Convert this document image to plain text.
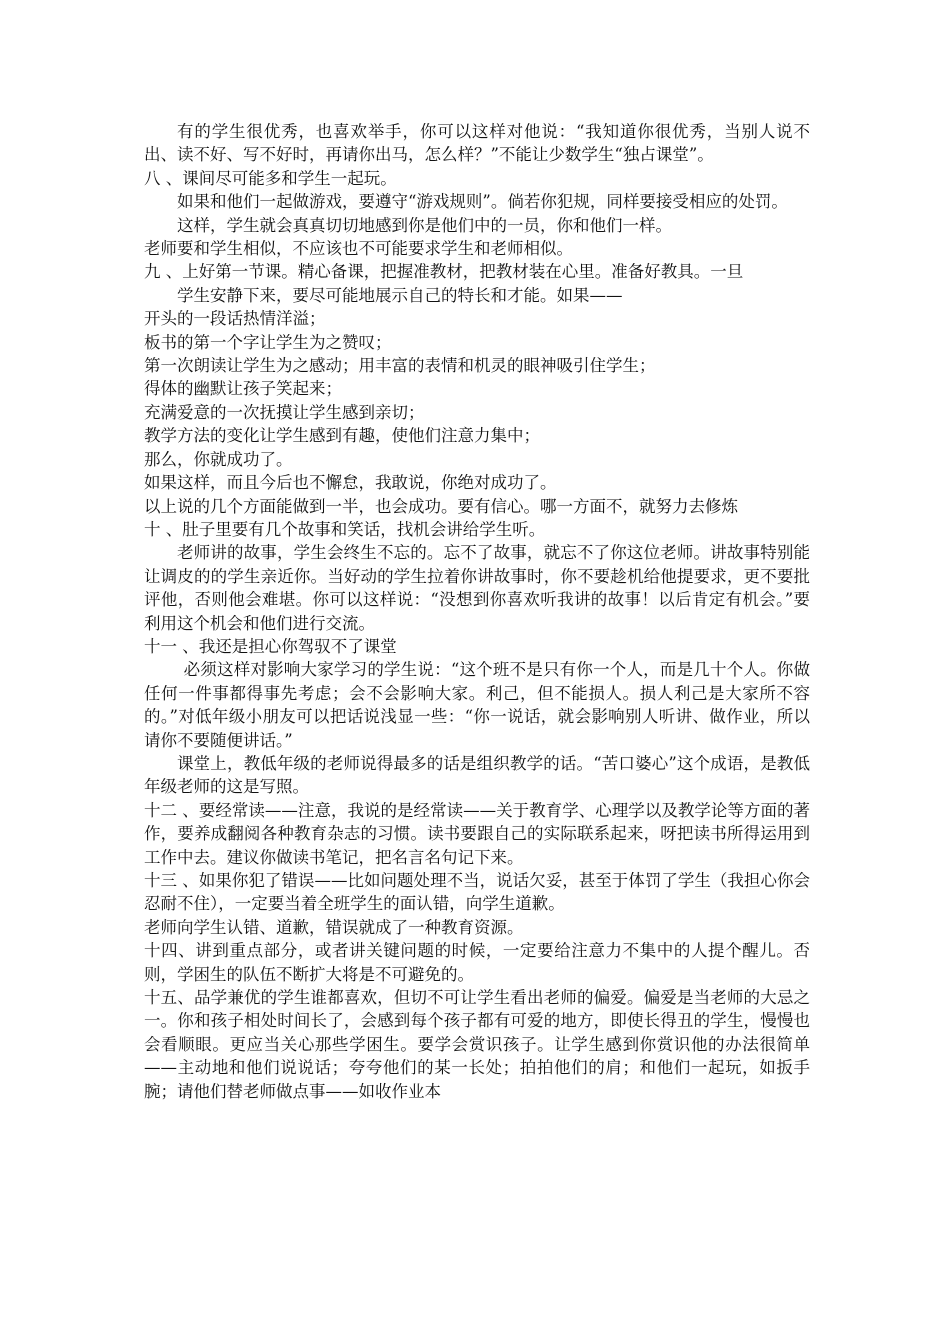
有的学生很优秀，也喜欢举手，你可以这样对他说：“我知道你很优秀，当别人说不出、读不好、写不好时，再请你出马，怎么样？”不能让少数学生“独占课堂”。

八 、课间尽可能多和学生一起玩。

如果和他们一起做游戏，要遵守“游戏规则”。倘若你犯规，同样要接受相应的处罚。

这样，学生就会真真切切地感到你是他们中的一员，你和他们一样。

老师要和学生相似，不应该也不可能要求学生和老师相似。

九 、上好第一节课。精心备课，把握准教材，把教材装在心里。准备好教具。一旦

学生安静下来，要尽可能地展示自己的特长和才能。如果——

开头的一段话热情洋溢；

板书的第一个字让学生为之赞叹；

第一次朗读让学生为之感动；用丰富的表情和机灵的眼神吸引住学生；

得体的幽默让孩子笑起来；

充满爱意的一次抚摸让学生感到亲切；

教学方法的变化让学生感到有趣，使他们注意力集中；

那么，你就成功了。

如果这样，而且今后也不懈怠，我敢说，你绝对成功了。

以上说的几个方面能做到一半，也会成功。要有信心。哪一方面不，就努力去修炼

十 、肚子里要有几个故事和笑话，找机会讲给学生听。

老师讲的故事，学生会终生不忘的。忘不了故事，就忘不了你这位老师。讲故事特别能让调皮的的学生亲近你。当好动的学生拉着你讲故事时，你不要趁机给他提要求，更不要批评他，否则他会难堪。你可以这样说：“没想到你喜欢听我讲的故事！以后肯定有机会。”要利用这个机会和他们进行交流。

十一 、我还是担心你驾驭不了课堂

必须这样对影响大家学习的学生说：“这个班不是只有你一个人，而是几十个人。你做任何一件事都得事先考虑；会不会影响大家。利己，但不能损人。损人利己是大家所不容的。”对低年级小朋友可以把话说浅显一些：“你一说话，就会影响别人听讲、做作业，所以请你不要随便讲话。”

课堂上，教低年级的老师说得最多的话是组织教学的话。“苦口婆心”这个成语，是教低年级老师的这是写照。

十二 、要经常读——注意，我说的是经常读——关于教育学、心理学以及教学论等方面的著作，要养成翻阅各种教育杂志的习惯。读书要跟自己的实际联系起来，呀把读书所得运用到工作中去。建议你做读书笔记，把名言名句记下来。

十三 、如果你犯了错误——比如问题处理不当，说话欠妥，甚至于体罚了学生（我担心你会忍耐不住），一定要当着全班学生的面认错，向学生道歉。

老师向学生认错、道歉，错误就成了一种教育资源。

十四、讲到重点部分，或者讲关键问题的时候，一定要给注意力不集中的人提个醒儿。否则，学困生的队伍不断扩大将是不可避免的。

十五、品学兼优的学生谁都喜欢，但切不可让学生看出老师的偏爱。偏爱是当老师的大忌之一。你和孩子相处时间长了，会感到每个孩子都有可爱的地方，即使长得丑的学生，慢慢也会看顺眼。更应当关心那些学困生。要学会赏识孩子。让学生感到你赏识他的办法很简单——主动地和他们说说话；夸夸他们的某一长处；拍拍他们的肩；和他们一起玩，如扳手腕；请他们替老师做点事——如收作业本
